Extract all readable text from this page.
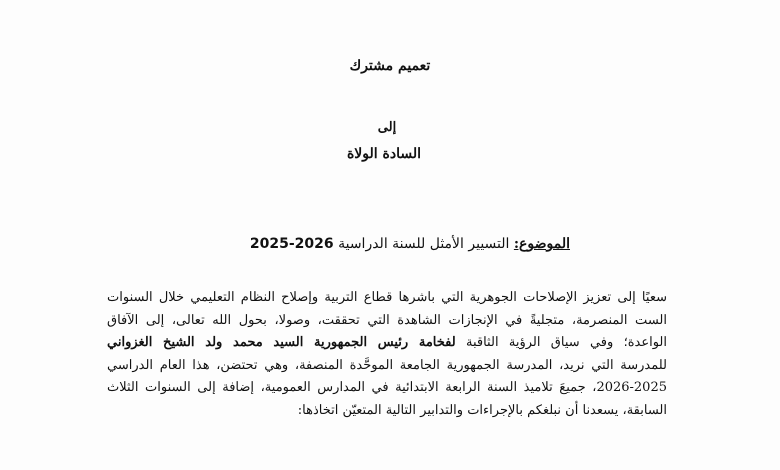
تعميم مشترك
إلى
السادة الولاة
الموضوع: التسيير الأمثل للسنة الدراسية 2026-2025
سعيًا إلى تعزيز الإصلاحات الجوهرية التي باشرها قطاع التربية وإصلاح النظام التعليمي خلال السنوات
الست المنصرمة، متجليةً في الإنجازات الشاهدة التي تحققت، وصولا، بحول الله تعالى، إلى الآفاق
الواعدة؛ وفي سياق الرؤية الثاقبة لفخامة رئيس الجمهورية السيد محمد ولد الشيخ الغزواني
للمدرسة التي نريد، المدرسة الجمهورية الجامعة الموحَّدة المنصفة، وهي تحتضن، هذا العام الدراسي
2026-2025، جميعَ تلاميذ السنة الرابعة الابتدائية في المدارس العمومية، إضافة إلى السنوات الثلاث
السابقة، يسعدنا أن نبلغكم بالإجراءات والتدابير التالية المتعيّن اتخاذها:
